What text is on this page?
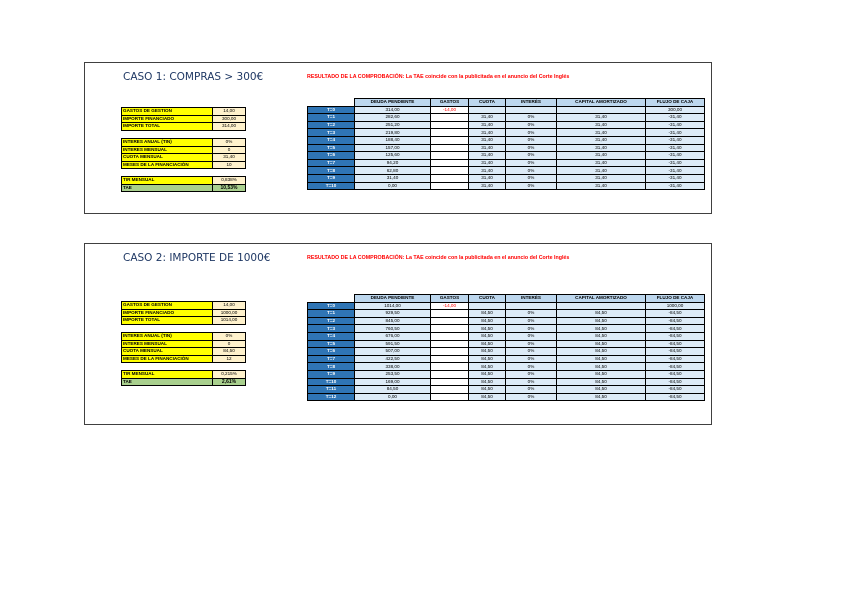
CASO 1: COMPRAS > 300€	RESULTADO DE LA COMPROBACIÓN: La TAE coincide con la publicitada en el anuncio del Corte Inglés
GASTOS DE GESTION	14,00
IMPORTE FINANCIADO	300,00
IMPORTE TOTAL	314,00
INTERES ANUAL (TIN)	0%
INTERES MENSUAL	0
CUOTA MENSUAL	31,40
MESES DE LA FINANCIACIÓN	10
TIR MENSUAL	0,838%
TAE	10,53%
	DEUDA PENDIENTE	GASTOS	CUOTA	INTERÉS	CAPITAL AMORTIZADO	FLUJO DE CAJA
T=0	314,00	-14,00				300,00
T=1	282,60		31,40	0%	31,40	-31,40
T=2	251,20		31,40	0%	31,40	-31,40
T=3	219,80		31,40	0%	31,40	-31,40
T=4	188,40		31,40	0%	31,40	-31,40
T=5	157,00		31,40	0%	31,40	-31,40
T=6	125,60		31,40	0%	31,40	-31,40
T=7	94,20		31,40	0%	31,40	-31,40
T=8	62,80		31,40	0%	31,40	-31,40
T=9	31,40		31,40	0%	31,40	-31,40
T=10	0,00		31,40	0%	31,40	-31,40
CASO 2: IMPORTE DE 1000€	RESULTADO DE LA COMPROBACIÓN: La TAE coincide con la publicitada en el anuncio del Corte Inglés
GASTOS DE GESTION	14,00
IMPORTE FINANCIADO	1000,00
IMPORTE TOTAL	1014,00
INTERES ANUAL (TIN)	0%
INTERES MENSUAL	0
CUOTA MENSUAL	84,50
MESES DE LA FINANCIACIÓN	12
TIR MENSUAL	0,215%
TAE	2,61%
	DEUDA PENDIENTE	GASTOS	CUOTA	INTERÉS	CAPITAL AMORTIZADO	FLUJO DE CAJA
T=0	1014,00	-14,00				1000,00
T=1	929,50		84,50	0%	84,50	-84,50
T=2	845,00		84,50	0%	84,50	-84,50
T=3	760,50		84,50	0%	84,50	-84,50
T=4	676,00		84,50	0%	84,50	-84,50
T=5	591,50		84,50	0%	84,50	-84,50
T=6	507,00		84,50	0%	84,50	-84,50
T=7	422,50		84,50	0%	84,50	-84,50
T=8	338,00		84,50	0%	84,50	-84,50
T=9	253,50		84,50	0%	84,50	-84,50
T=10	169,00		84,50	0%	84,50	-84,50
T=11	84,50		84,50	0%	84,50	-84,50
T=12	0,00		84,50	0%	84,50	-84,50
